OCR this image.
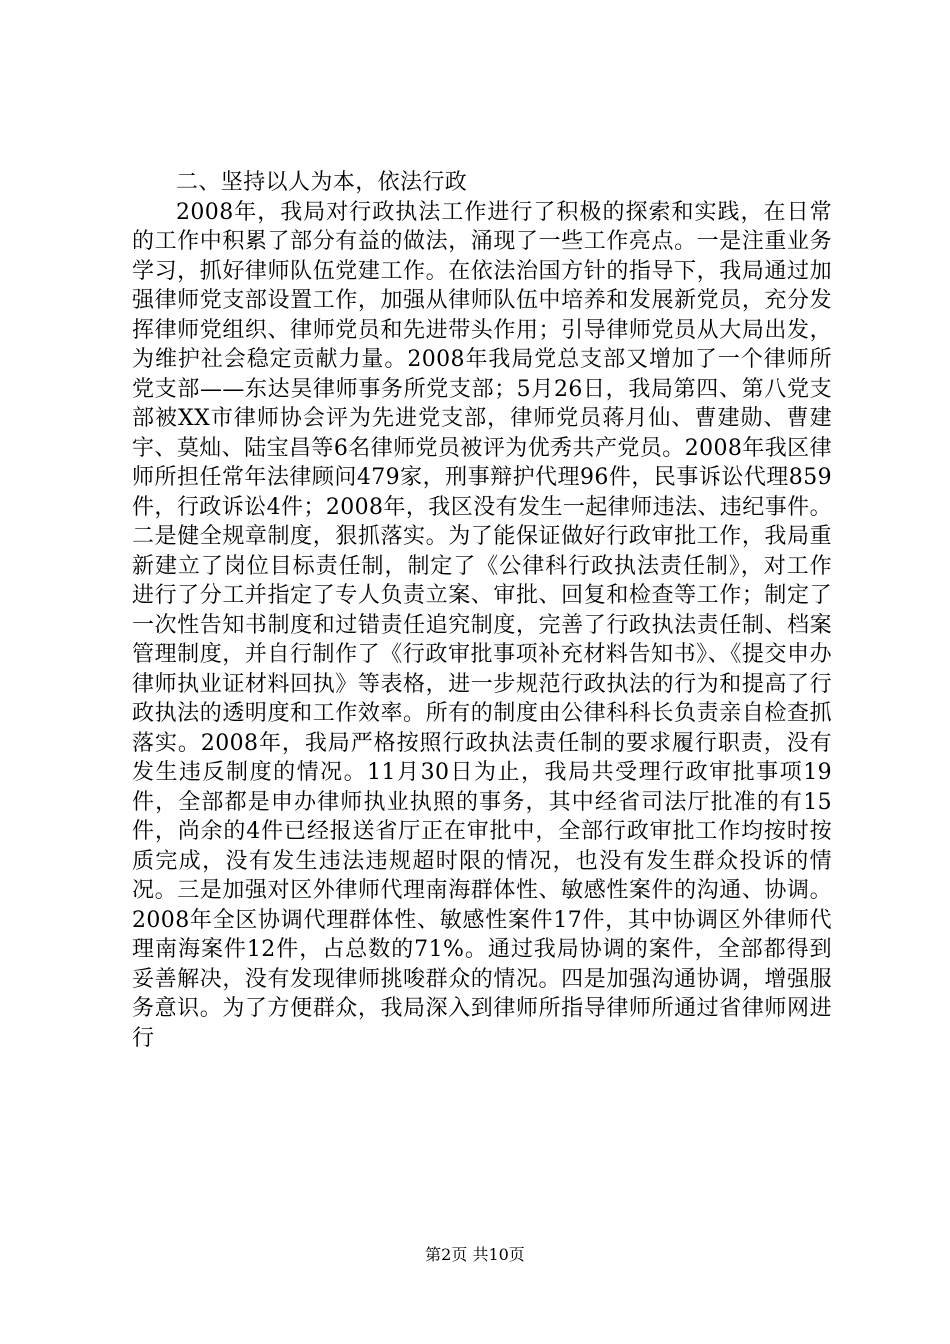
二、坚持以人为本，依法行政

2008年，我局对行政执法工作进行了积极的探索和实践，在日常的工作中积累了部分有益的做法，涌现了一些工作亮点。一是注重业务学习，抓好律师队伍党建工作。在依法治国方针的指导下，我局通过加强律师党支部设置工作，加强从律师队伍中培养和发展新党员，充分发挥律师党组织、律师党员和先进带头作用；引导律师党员从大局出发，为维护社会稳定贡献力量。2008年我局党总支部又增加了一个律师所党支部——东达昊律师事务所党支部；5月26日，我局第四、第八党支部被XX市律师协会评为先进党支部，律师党员蒋月仙、曹建勋、曹建宇、莫灿、陆宝昌等6名律师党员被评为优秀共产党员。2008年我区律师所担任常年法律顾问479家，刑事辩护代理96件，民事诉讼代理859件，行政诉讼4件；2008年，我区没有发生一起律师违法、违纪事件。二是健全规章制度，狠抓落实。为了能保证做好行政审批工作，我局重新建立了岗位目标责任制，制定了《公律科行政执法责任制》，对工作进行了分工并指定了专人负责立案、审批、回复和检查等工作；制定了一次性告知书制度和过错责任追究制度，完善了行政执法责任制、档案管理制度，并自行制作了《行政审批事项补充材料告知书》、《提交申办律师执业证材料回执》等表格，进一步规范行政执法的行为和提高了行政执法的透明度和工作效率。所有的制度由公律科科长负责亲自检查抓落实。2008年，我局严格按照行政执法责任制的要求履行职责，没有发生违反制度的情况。11月30日为止，我局共受理行政审批事项19件，全部都是申办律师执业执照的事务，其中经省司法厅批准的有15件，尚余的4件已经报送省厅正在审批中，全部行政审批工作均按时按质完成，没有发生违法违规超时限的情况，也没有发生群众投诉的情况。三是加强对区外律师代理南海群体性、敏感性案件的沟通、协调。2008年全区协调代理群体性、敏感性案件17件，其中协调区外律师代理南海案件12件，占总数的71%。通过我局协调的案件，全部都得到妥善解决，没有发现律师挑唆群众的情况。四是加强沟通协调，增强服务意识。为了方便群众，我局深入到律师所指导律师所通过省律师网进行

第2页 共10页
